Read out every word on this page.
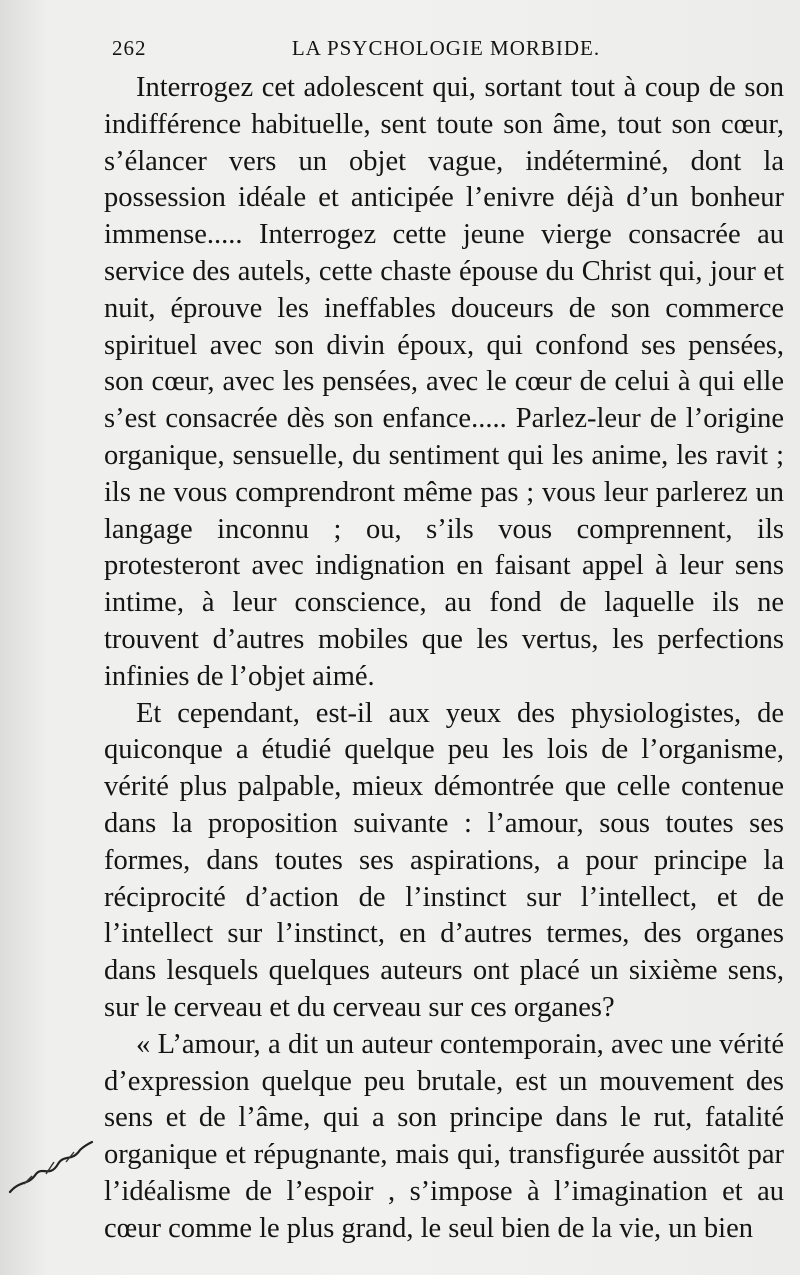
262	LA PSYCHOLOGIE MORBIDE.

Interrogez cet adolescent qui, sortant tout à coup de son indifférence habituelle, sent toute son âme, tout son cœur, s’élancer vers un objet vague, indéterminé, dont la possession idéale et anticipée l’enivre déjà d’un bonheur immense..... Interrogez cette jeune vierge consacrée au service des autels, cette chaste épouse du Christ qui, jour et nuit, éprouve les ineffables douceurs de son commerce spirituel avec son divin époux, qui confond ses pensées, son cœur, avec les pensées, avec le cœur de celui à qui elle s’est consacrée dès son enfance..... Parlez-leur de l’origine organique, sensuelle, du sentiment qui les anime, les ravit ; ils ne vous comprendront même pas ; vous leur parlerez un langage inconnu ; ou, s’ils vous comprennent, ils protesteront avec indignation en faisant appel à leur sens intime, à leur conscience, au fond de laquelle ils ne trouvent d’autres mobiles que les vertus, les perfections infinies de l’objet aimé.

Et cependant, est-il aux yeux des physiologistes, de quiconque a étudié quelque peu les lois de l’organisme, vérité plus palpable, mieux démontrée que celle contenue dans la proposition suivante : l’amour, sous toutes ses formes, dans toutes ses aspirations, a pour principe la réciprocité d’action de l’instinct sur l’intellect, et de l’intellect sur l’instinct, en d’autres termes, des organes dans lesquels quelques auteurs ont placé un sixième sens, sur le cerveau et du cerveau sur ces organes?

« L’amour, a dit un auteur contemporain, avec une vérité d’expression quelque peu brutale, est un mouvement des sens et de l’âme, qui a son principe dans le rut, fatalité organique et répugnante, mais qui, transfigurée aussitôt par l’idéalisme de l’espoir , s’impose à l’imagination et au cœur comme le plus grand, le seul bien de la vie, un bien
